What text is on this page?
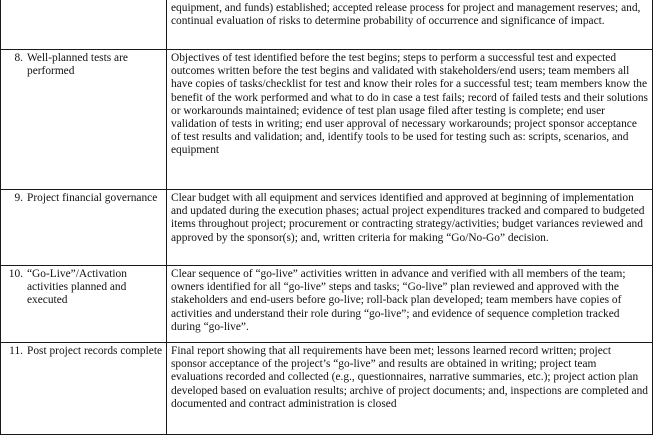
	equipment, and funds) established; accepted release process for project and management reserves; and, continual evaluation of risks to determine probability of occurrence and significance of impact.

8. Well-planned tests are performed	Objectives of test identified before the test begins; steps to perform a successful test and expected outcomes written before the test begins and validated with stakeholders/end users; team members all have copies of tasks/checklist for test and know their roles for a successful test; team members know the benefit of the work performed and what to do in case a test fails; record of failed tests and their solutions or workarounds maintained; evidence of test plan usage filed after testing is complete; end user validation of tests in writing; end user approval of necessary workarounds; project sponsor acceptance of test results and validation; and, identify tools to be used for testing such as: scripts, scenarios, and equipment

9. Project financial governance	Clear budget with all equipment and services identified and approved at beginning of implementation and updated during the execution phases; actual project expenditures tracked and compared to budgeted items throughout project; procurement or contracting strategy/activities; budget variances reviewed and approved by the sponsor(s); and, written criteria for making “Go/No-Go” decision.

10. “Go-Live”/Activation activities planned and executed	Clear sequence of “go-live” activities written in advance and verified with all members of the team; owners identified for all “go-live” steps and tasks; “Go-live” plan reviewed and approved with the stakeholders and end-users before go-live; roll-back plan developed; team members have copies of activities and understand their role during “go-live”; and evidence of sequence completion tracked during “go-live”.

11. Post project records complete	Final report showing that all requirements have been met; lessons learned record written; project sponsor acceptance of the project’s “go-live” and results are obtained in writing; project team evaluations recorded and collected (e.g., questionnaires, narrative summaries, etc.); project action plan developed based on evaluation results; archive of project documents; and, inspections are completed and documented and contract administration is closed
